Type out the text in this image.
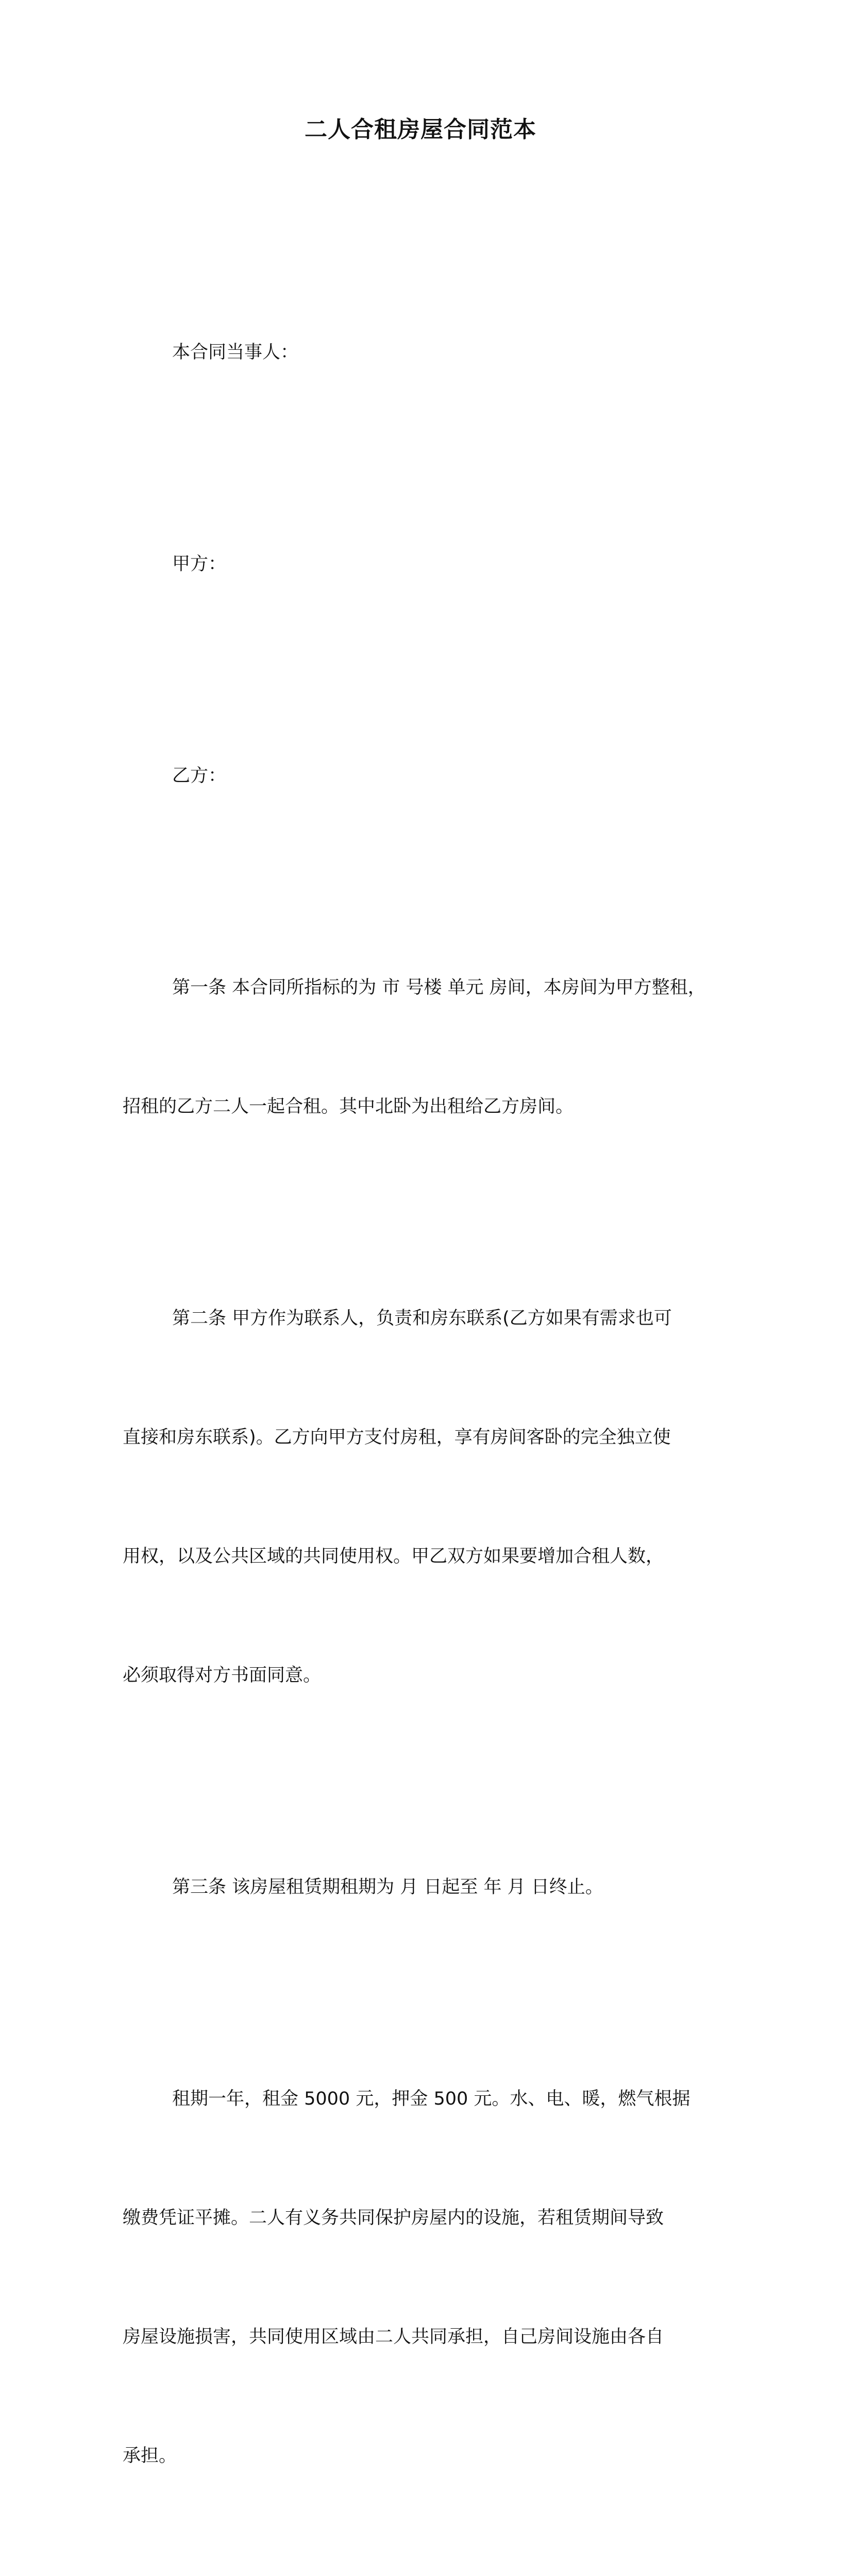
二人合租房屋合同范本

本合同当事人：

甲方：

乙方：

第一条 本合同所指标的为 市 号楼 单元 房间，本房间为甲方整租，

招租的乙方二人一起合租。其中北卧为出租给乙方房间。

第二条 甲方作为联系人，负责和房东联系(乙方如果有需求也可

直接和房东联系)。乙方向甲方支付房租，享有房间客卧的完全独立使

用权，以及公共区域的共同使用权。甲乙双方如果要增加合租人数，

必须取得对方书面同意。

第三条 该房屋租赁期租期为 月 日起至 年 月 日终止。

租期一年，租金 5000 元，押金 500 元。水、电、暖，燃气根据

缴费凭证平摊。二人有义务共同保护房屋内的设施，若租赁期间导致

房屋设施损害，共同使用区域由二人共同承担，自己房间设施由各自

承担。
